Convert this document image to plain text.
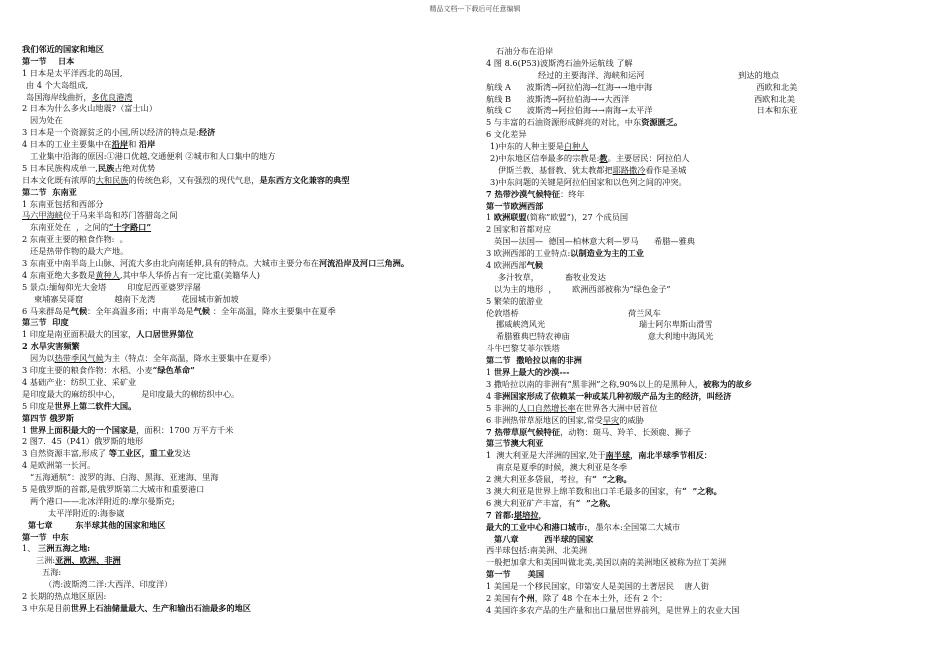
精品文档---下载后可任意编辑
我们邻近的国家和地区
第一节    日本
1 日本是太平洋西北的岛国,
由 4 个大岛组成,
岛国海岸线曲折，多优良港湾
2 日本为什么多火山地震?（富士山）
因为处在
3 日本是一个资源贫乏的小国,所以经济的特点是:经济
4 日本的工业主要集中在沿岸和 沿岸
工业集中沿海的原因:①港口优越,交通便利 ②城市和人口集中的地方
5 日本民族构成单一,民族占绝对优势
日本文化既有浓厚的大和民族的传统色彩，又有强烈的现代气息，是东西方文化兼容的典型
第二节  东南亚
1 东南亚包括和西部分
马六甲海峡位于马来半岛和苏门答腊岛之间
东南亚处在  ，之间的“十字路口”
2 东南亚主要的粮食作物:  。
还是热带作物的最大产地。
3 东南亚中南半岛上山脉、河流大多由北向南延伸,具有的特点。大城市主要分布在河流沿岸及河口三角洲。
4 东南亚绝大多数是黄种人,其中华人华侨占有一定比重(美籍华人)
5 景点:缅甸仰光大金塔        印度尼西亚婆罗浮屠
柬埔寨吴哥窟            越南下龙湾          花园城市新加坡
6 马来群岛是气候：全年高温多雨；中南半岛是气候 ：全年高温，降水主要集中在夏季
第三节  印度
1 印度是南亚面积最大的国家，人口居世界第位
2 水旱灾害频繁
因为以热带季风气候为主（特点：全年高温，降水主要集中在夏季）
3 印度主要的粮食作物：水稻、小麦“绿色革命”
4 基础产业：纺织工业、采矿业
是印度最大的麻纺织中心，        是印度最大的棉纺织中心。
5 印度是世界上第二软件大国。
第四节 俄罗斯
1 世界上面积最大的一个国家是，面积：1700 万平方千米
2 图7．45（P41）俄罗斯的地形
3 自然资源丰富,形成了 等工业区，重工业发达
4 是欧洲第一长河。
“五海通航”：波罗的海、白海、黑海、亚速海、里海
5 是俄罗斯的首都,是俄罗斯第二大城市和重要港口
两个港口——北冰洋附近的:摩尔曼斯克;
太平洋附近的:海参崴
第七章        东半球其他的国家和地区
第一节  中东
1、 三洲五海之地:
三洲:亚洲、欧洲、非洲
五海:
（湾:波斯湾二洋:大西洋、印度洋）
2 长期的热点地区原因:
3 中东是目前世界上石油储量最大、生产和输出石油最多的地区
石油分布在沿岸
4 图 8.6(P53)波斯湾石油外运航线 了解
经过的主要海洋、海峡和运河                                    到达的地点
航线 A      波斯湾→阿拉伯海→红海→→地中海                                        西欧和北美
航线 B      波斯湾→阿拉伯海→→大西洋                                                西欧和北美
航线 C      波斯湾→阿拉伯海→→南海→太平洋                                        日本和东亚
5 与丰富的石油资源形成鲜亮的对比，中东资源匮乏。
6 文化差异
1)中东的人种主要是白种人
2)中东地区信奉最多的宗教是:教。主要居民：阿拉伯人
伊斯兰教、基督教、犹太教都把耶路撒冷看作是圣城
3)中东问题的关键是阿拉伯国家和以色列之间的冲突。
7 热带沙漠气候特征：终年
第一节欧洲西部
1 欧洲联盟(简称”欧盟”)，27 个成员国
2 国家和首都对应
英国—法国—  德国—柏林意大利—罗马      希腊—雅典
3 欧洲西部的工业特点:以制造业为主的工业
4 欧洲西部气候
多汁牧草，          畜牧业发达
以为主的地形  ，      欧洲西部被称为“绿色金子”
5 繁荣的旅游业
伦敦塔桥                                          荷兰风车
挪威峡湾风光                                    瑞士阿尔卑斯山滑雪
希腊雅典巴特农神庙                              意大利地中海风光
斗牛巴黎艾菲尔铁塔
第二节  撒哈拉以南的非洲
1 世界上最大的沙漠---
3 撒哈拉以南的非洲有“黑非洲”之称,90%以上的是黑种人，被称为的故乡
4 非洲国家形成了依赖某一种或某几种初级产品为主的经济，叫经济
5 非洲的人口自然增长率在世界各大洲中居首位
6 非洲热带草原地区的国家,常受旱灾的威胁
7 热带草原气候特征，动物：斑马、羚羊、长颈鹿、狮子
第三节澳大利亚
1  澳大利亚是大洋洲的国家,处于南半球，南北半球季节相反：
南京是夏季的时候，澳大利亚是冬季
2 澳大利亚多袋鼠，考拉，有“  ”之称。
3 澳大利亚是世界上绵羊数和出口羊毛最多的国家，有“  ”之称。
6 澳大利亚矿产丰富，有“  ”之称。
7 首都:堪培拉，
最大的工业中心和港口城市:，墨尔本:全国第二大城市
第八章         西半球的国家
西半球包括:南美洲、北美洲
一般把加拿大和美国叫做北美,美国以南的美洲地区被称为拉丁美洲
第一节      美国
1 美国是一个移民国家，印第安人是美国的土著居民    唐人街
2 美国有个州，除了 48 个在本土外，还有 2 个：
4 美国许多农产品的生产量和出口量居世界前列，是世界上的农业大国
